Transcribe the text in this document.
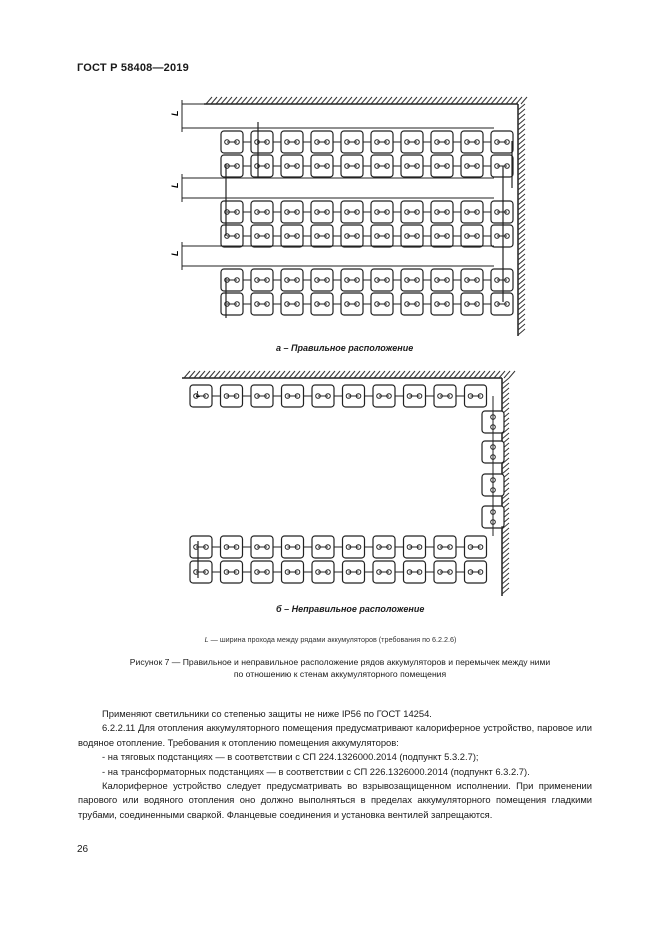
ГОСТ Р 58408—2019
L
L
L
а – Правильное расположение
L
б – Неправильное расположение
L — ширина прохода между рядами аккумуляторов (требования по 6.2.2.6)
Рисунок 7 — Правильное и неправильное расположение рядов аккумуляторов и перемычек между ними
по отношению к стенам аккумуляторного помещения

Применяют светильники со степенью защиты не ниже IP56 по ГОСТ 14254.

6.2.2.11 Для отопления аккумуляторного помещения предусматривают калориферное устройство, паровое или водяное отопление. Требования к отоплению помещения аккумуляторов:

- на тяговых подстанциях — в соответствии с СП 224.1326000.2014 (подпункт 5.3.2.7);

- на трансформаторных подстанциях — в соответствии с СП 226.1326000.2014 (подпункт 6.3.2.7).

Калориферное устройство следует предусматривать во взрывозащищенном исполнении. При применении парового или водяного отопления оно должно выполняться в пределах аккумуляторного помещения гладкими трубами, соединенными сваркой. Фланцевые соединения и установка вентилей запрещаются.

26
